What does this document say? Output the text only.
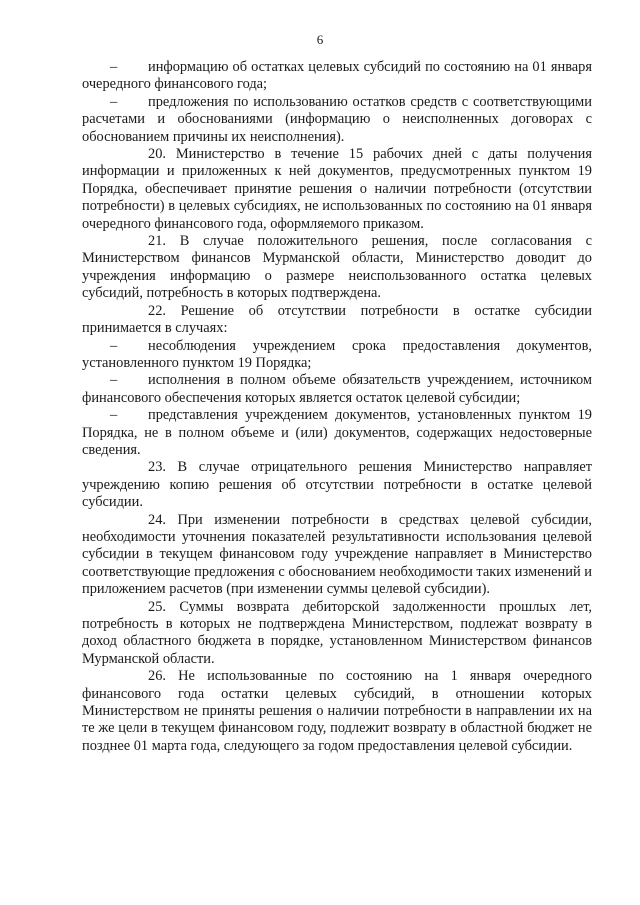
6

– информацию об остатках целевых субсидий по состоянию на 01 января очередного финансового года;

– предложения по использованию остатков средств с соответствующими расчетами и обоснованиями (информацию о неисполненных договорах с обоснованием причины их неисполнения).

20. Министерство в течение 15 рабочих дней с даты получения информации и приложенных к ней документов, предусмотренных пунктом 19 Порядка, обеспечивает принятие решения о наличии потребности (отсутствии потребности) в целевых субсидиях, не использованных по состоянию на 01 января очередного финансового года, оформляемого приказом.

21. В случае положительного решения, после согласования с Министерством финансов Мурманской области, Министерство доводит до учреждения информацию о размере неиспользованного остатка целевых субсидий, потребность в которых подтверждена.

22. Решение об отсутствии потребности в остатке субсидии принимается в случаях:

– несоблюдения учреждением срока предоставления документов, установленного пунктом 19 Порядка;

– исполнения в полном объеме обязательств учреждением, источником финансового обеспечения которых является остаток целевой субсидии;

– представления учреждением документов, установленных пунктом 19 Порядка, не в полном объеме и (или) документов, содержащих недостоверные сведения.

23. В случае отрицательного решения Министерство направляет учреждению копию решения об отсутствии потребности в остатке целевой субсидии.

24. При изменении потребности в средствах целевой субсидии, необходимости уточнения показателей результативности использования целевой субсидии в текущем финансовом году учреждение направляет в Министерство соответствующие предложения с обоснованием необходимости таких изменений и приложением расчетов (при изменении суммы целевой субсидии).

25. Суммы возврата дебиторской задолженности прошлых лет, потребность в которых не подтверждена Министерством, подлежат возврату в доход областного бюджета в порядке, установленном Министерством финансов Мурманской области.

26. Не использованные по состоянию на 1 января очередного финансового года остатки целевых субсидий, в отношении которых Министерством не приняты решения о наличии потребности в направлении их на те же цели в текущем финансовом году, подлежит возврату в областной бюджет не позднее 01 марта года, следующего за годом предоставления целевой субсидии.
